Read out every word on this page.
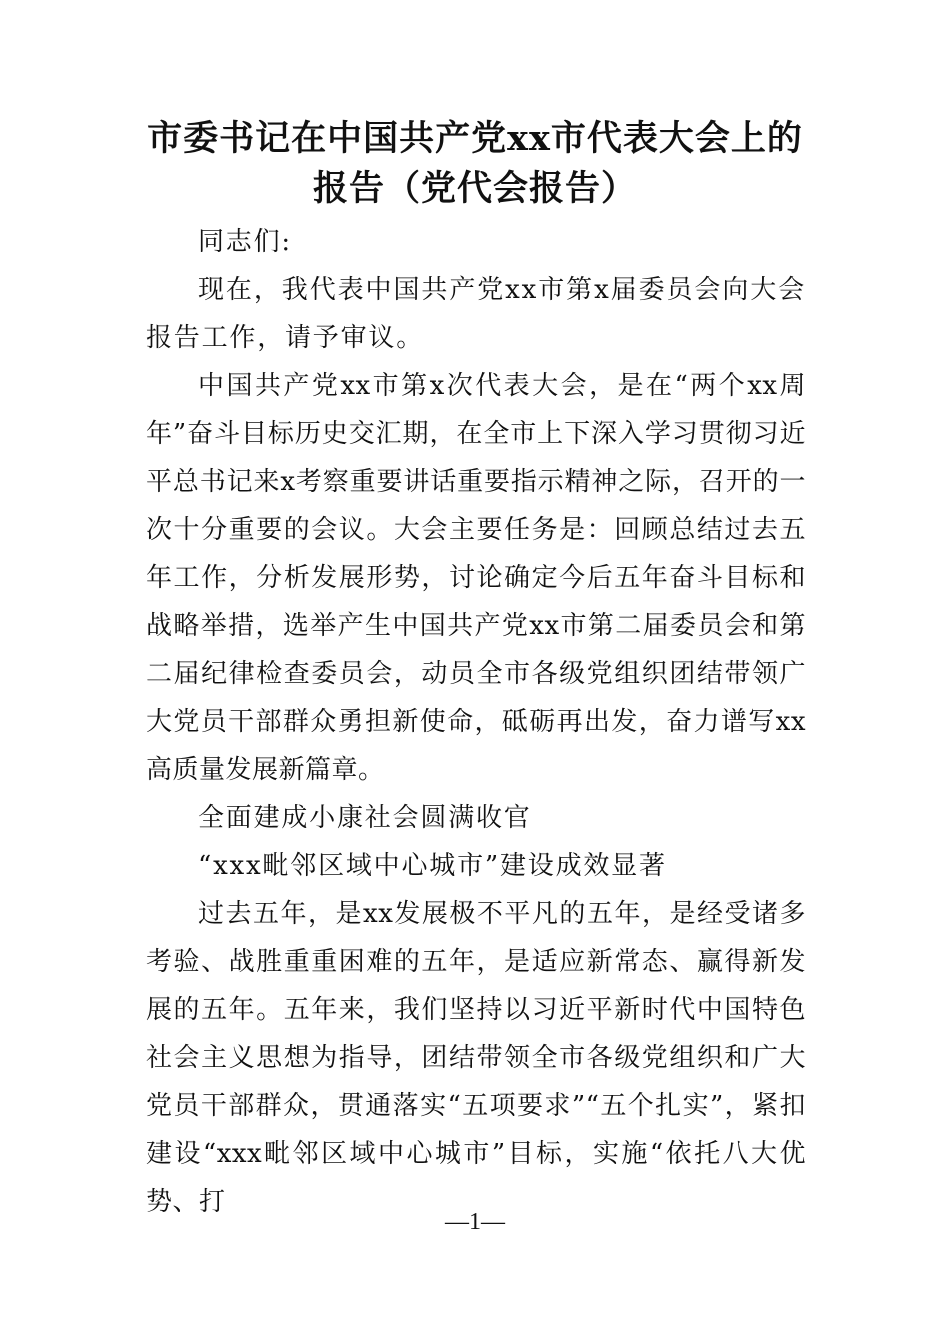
市委书记在中国共产党xx市代表大会上的
报告（党代会报告）

同志们:

现在，我代表中国共产党xx市第x届委员会向大会报告工作，请予审议。

中国共产党xx市第x次代表大会，是在“两个xx周年”奋斗目标历史交汇期，在全市上下深入学习贯彻习近平总书记来x考察重要讲话重要指示精神之际，召开的一次十分重要的会议。大会主要任务是：回顾总结过去五年工作，分析发展形势，讨论确定今后五年奋斗目标和战略举措，选举产生中国共产党xx市第二届委员会和第二届纪律检查委员会，动员全市各级党组织团结带领广大党员干部群众勇担新使命，砥砺再出发，奋力谱写xx高质量发展新篇章。

全面建成小康社会圆满收官

“xxx毗邻区域中心城市”建设成效显著

过去五年，是xx发展极不平凡的五年，是经受诸多考验、战胜重重困难的五年，是适应新常态、赢得新发展的五年。五年来，我们坚持以习近平新时代中国特色社会主义思想为指导，团结带领全市各级党组织和广大党员干部群众，贯通落实“五项要求”“五个扎实”，紧扣建设“xxx毗邻区域中心城市”目标，实施“依托八大优势、打

—1—
